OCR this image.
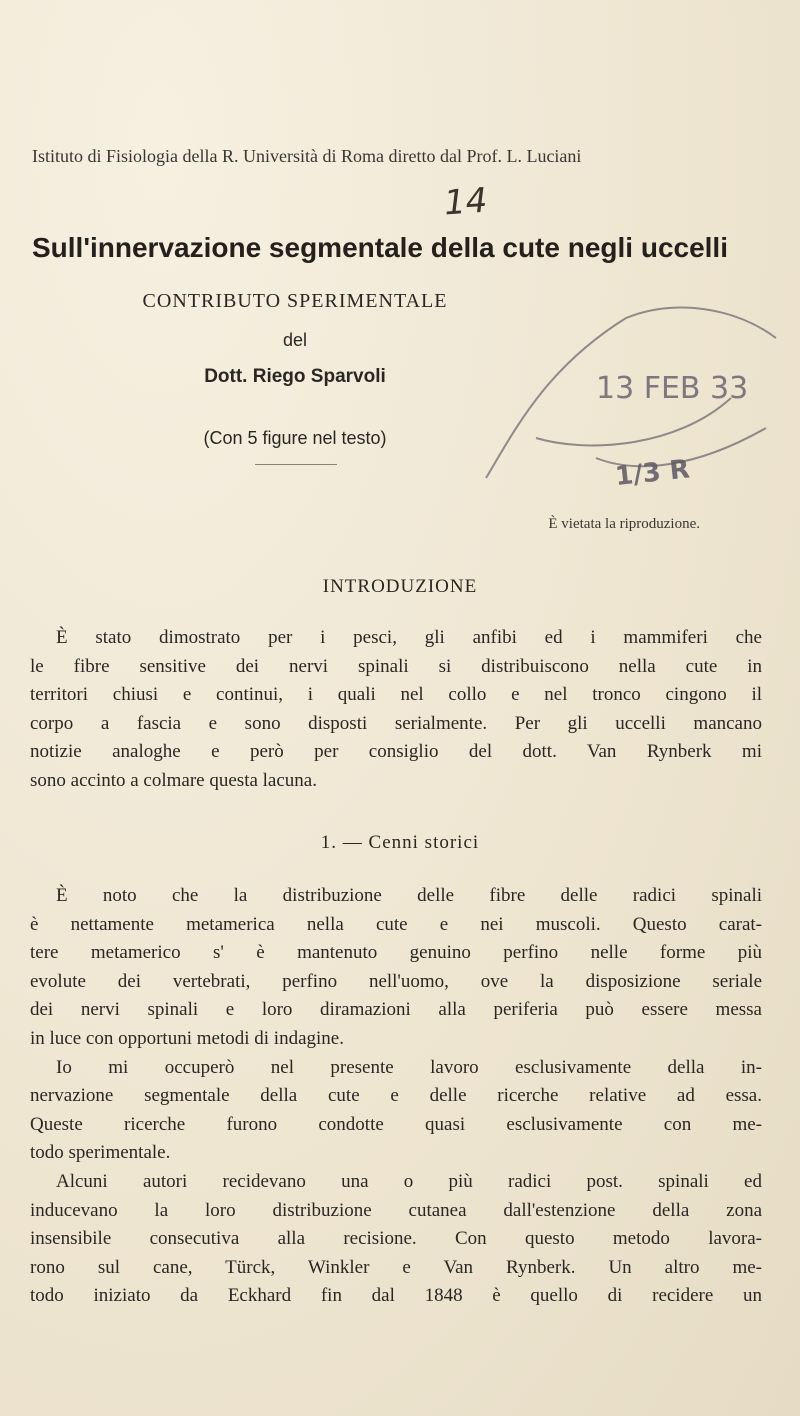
Istituto di Fisiologia della R. Università di Roma diretto dal Prof. L. Luciani
14
Sull'innervazione segmentale della cute negli uccelli
CONTRIBUTO SPERIMENTALE
del
Dott. Riego Sparvoli
(Con 5 figure nel testo)
13 FEB 33
1/3 R
È vietata la riproduzione.
INTRODUZIONE
È stato dimostrato per i pesci, gli anfibi ed i mammiferi che
le fibre sensitive dei nervi spinali si distribuiscono nella cute in
territori chiusi e continui, i quali nel collo e nel tronco cingono il
corpo a fascia e sono disposti serialmente. Per gli uccelli mancano
notizie analoghe e però per consiglio del dott. Van Rynberk mi
sono accinto a colmare questa lacuna.
1. — Cenni storici
È noto che la distribuzione delle fibre delle radici spinali
è nettamente metamerica nella cute e nei muscoli. Questo carat-
tere metamerico s' è mantenuto genuino perfino nelle forme più
evolute dei vertebrati, perfino nell'uomo, ove la disposizione seriale
dei nervi spinali e loro diramazioni alla periferia può essere messa
in luce con opportuni metodi di indagine.
Io mi occuperò nel presente lavoro esclusivamente della in-
nervazione segmentale della cute e delle ricerche relative ad essa.
Queste ricerche furono condotte quasi esclusivamente con me-
todo sperimentale.
Alcuni autori recidevano una o più radici post. spinali ed
inducevano la loro distribuzione cutanea dall'estenzione della zona
insensibile consecutiva alla recisione. Con questo metodo lavora-
rono sul cane, Türck, Winkler e Van Rynberk. Un altro me-
todo iniziato da Eckhard fin dal 1848 è quello di recidere un
